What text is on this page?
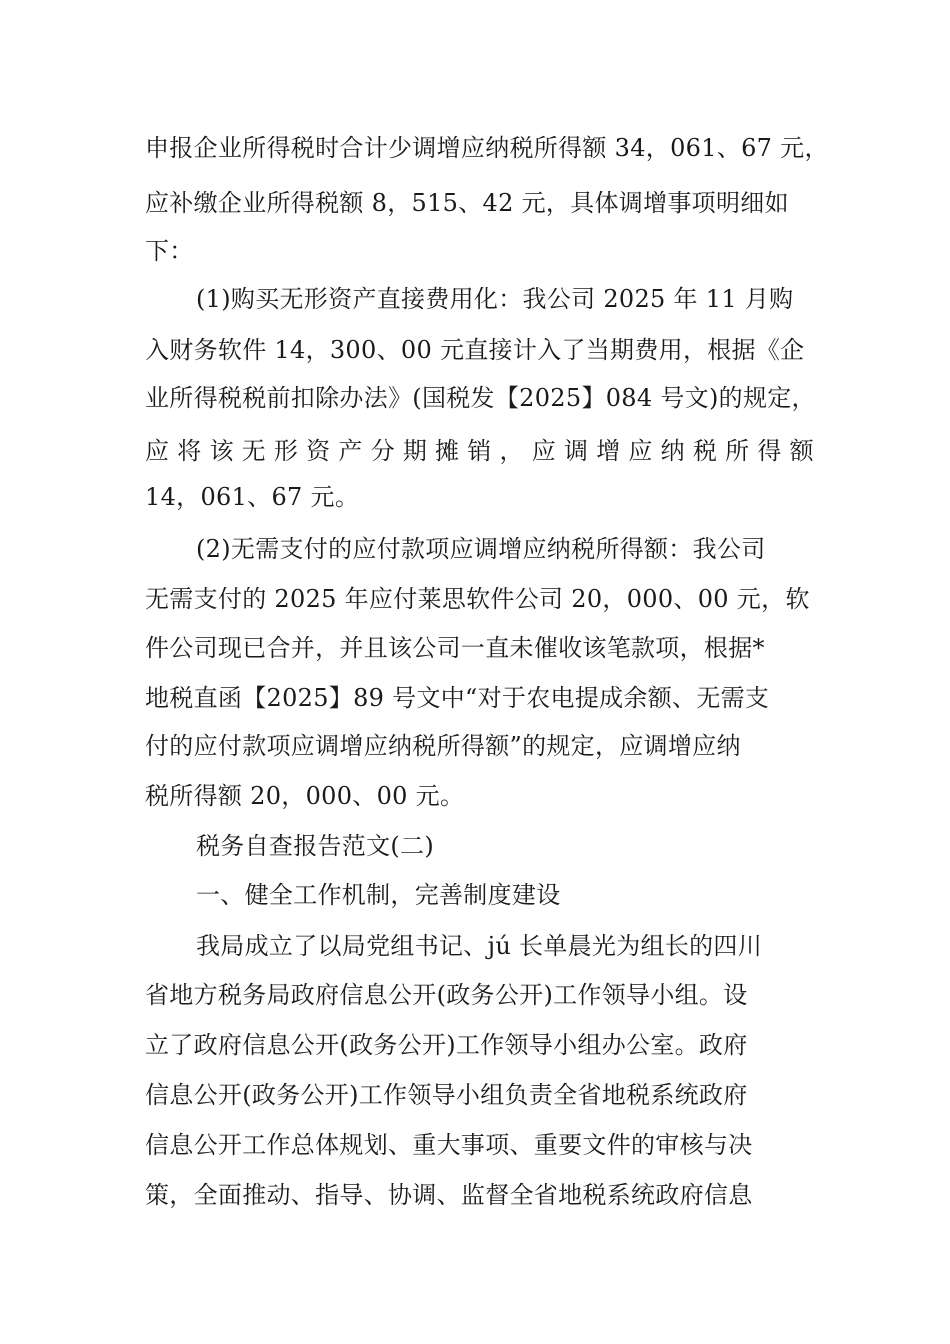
申报企业所得税时合计少调增应纳税所得额 34，061、67 元，
应补缴企业所得税额 8，515、42 元，具体调增事项明细如
下：
(1)购买无形资产直接费用化：我公司 2025 年 11 月购
入财务软件 14，300、00 元直接计入了当期费用，根据《企
业所得税税前扣除办法》(国税发【2025】084 号文)的规定，
应 将 该 无 形 资 产 分 期 摊 销 ， 应 调 增 应 纳 税 所 得 额
14，061、67 元。
(2)无需支付的应付款项应调增应纳税所得额：我公司
无需支付的 2025 年应付莱思软件公司 20，000、00 元，软
件公司现已合并，并且该公司一直未催收该笔款项，根据*
地税直函【2025】89 号文中“对于农电提成余额、无需支
付的应付款项应调增应纳税所得额”的规定，应调增应纳
税所得额 20，000、00 元。
税务自查报告范文(二)
一、健全工作机制，完善制度建设
我局成立了以局党组书记、jú 长单晨光为组长的四川
省地方税务局政府信息公开(政务公开)工作领导小组。设
立了政府信息公开(政务公开)工作领导小组办公室。政府
信息公开(政务公开)工作领导小组负责全省地税系统政府
信息公开工作总体规划、重大事项、重要文件的审核与决
策，全面推动、指导、协调、监督全省地税系统政府信息
